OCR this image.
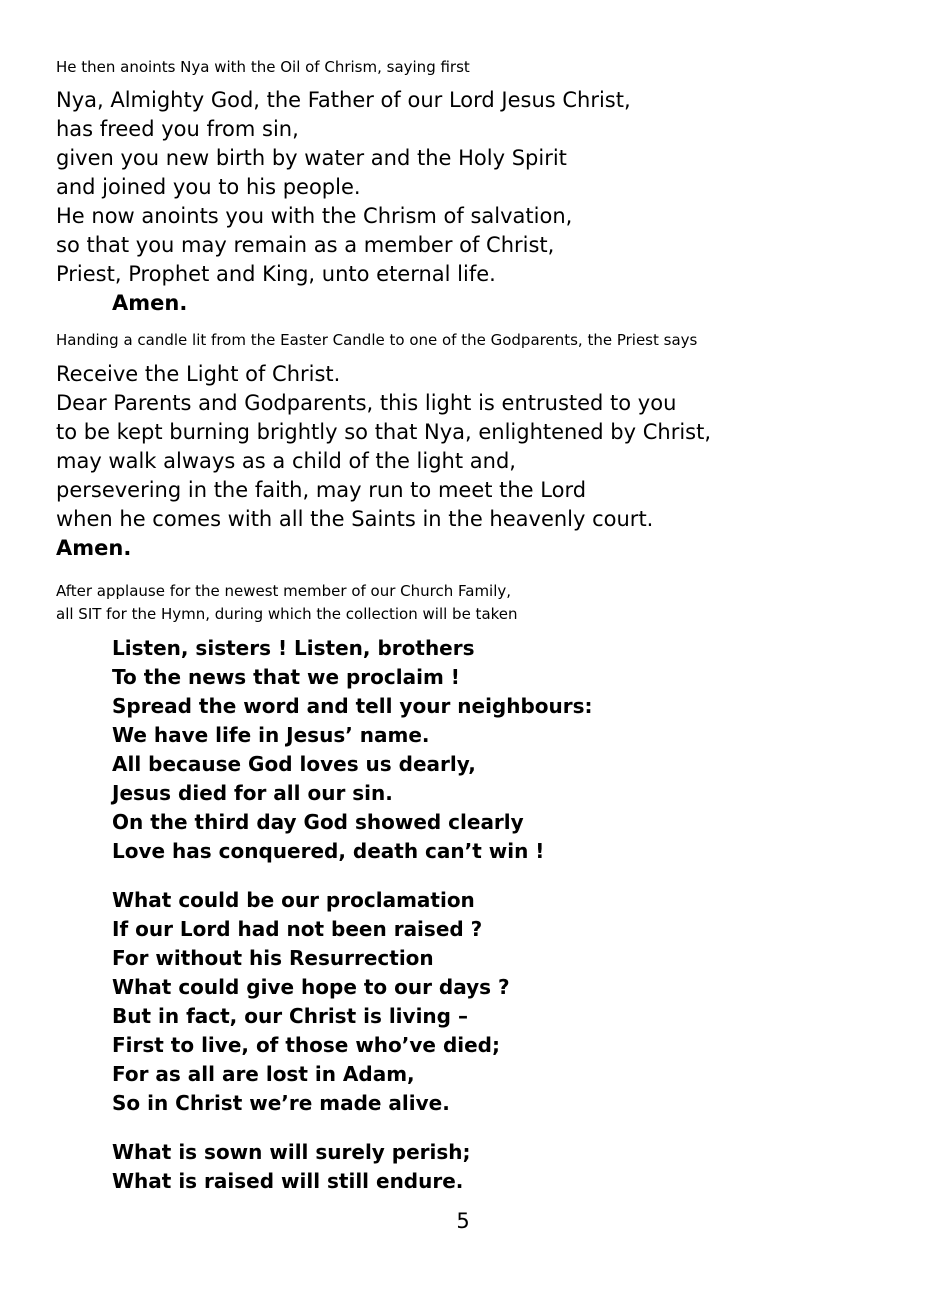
He then anoints Nya with the Oil of Chrism, saying first
Nya, Almighty God, the Father of our Lord Jesus Christ,
has freed you from sin,
given you new birth by water and the Holy Spirit
and joined you to his people.
He now anoints you with the Chrism of salvation,
so that you may remain as a member of Christ,
Priest, Prophet and King, unto eternal life.
Amen.
Handing a candle lit from the Easter Candle to one of the Godparents, the Priest says
Receive the Light of Christ.
Dear Parents and Godparents, this light is entrusted to you
to be kept burning brightly so that Nya, enlightened by Christ,
may walk always as a child of the light and,
persevering in the faith, may run to meet the Lord
when he comes with all the Saints in the heavenly court.
Amen.
After applause for the newest member of our Church Family,
all SIT for the Hymn, during which the collection will be taken
Listen, sisters ! Listen, brothers
To the news that we proclaim !
Spread the word and tell your neighbours:
We have life in Jesus’ name.
All because God loves us dearly,
Jesus died for all our sin.
On the third day God showed clearly
Love has conquered, death can’t win !
What could be our proclamation
If our Lord had not been raised ?
For without his Resurrection
What could give hope to our days ?
But in fact, our Christ is living –
First to live, of those who’ve died;
For as all are lost in Adam,
So in Christ we’re made alive.
What is sown will surely perish;
What is raised will still endure.
5
